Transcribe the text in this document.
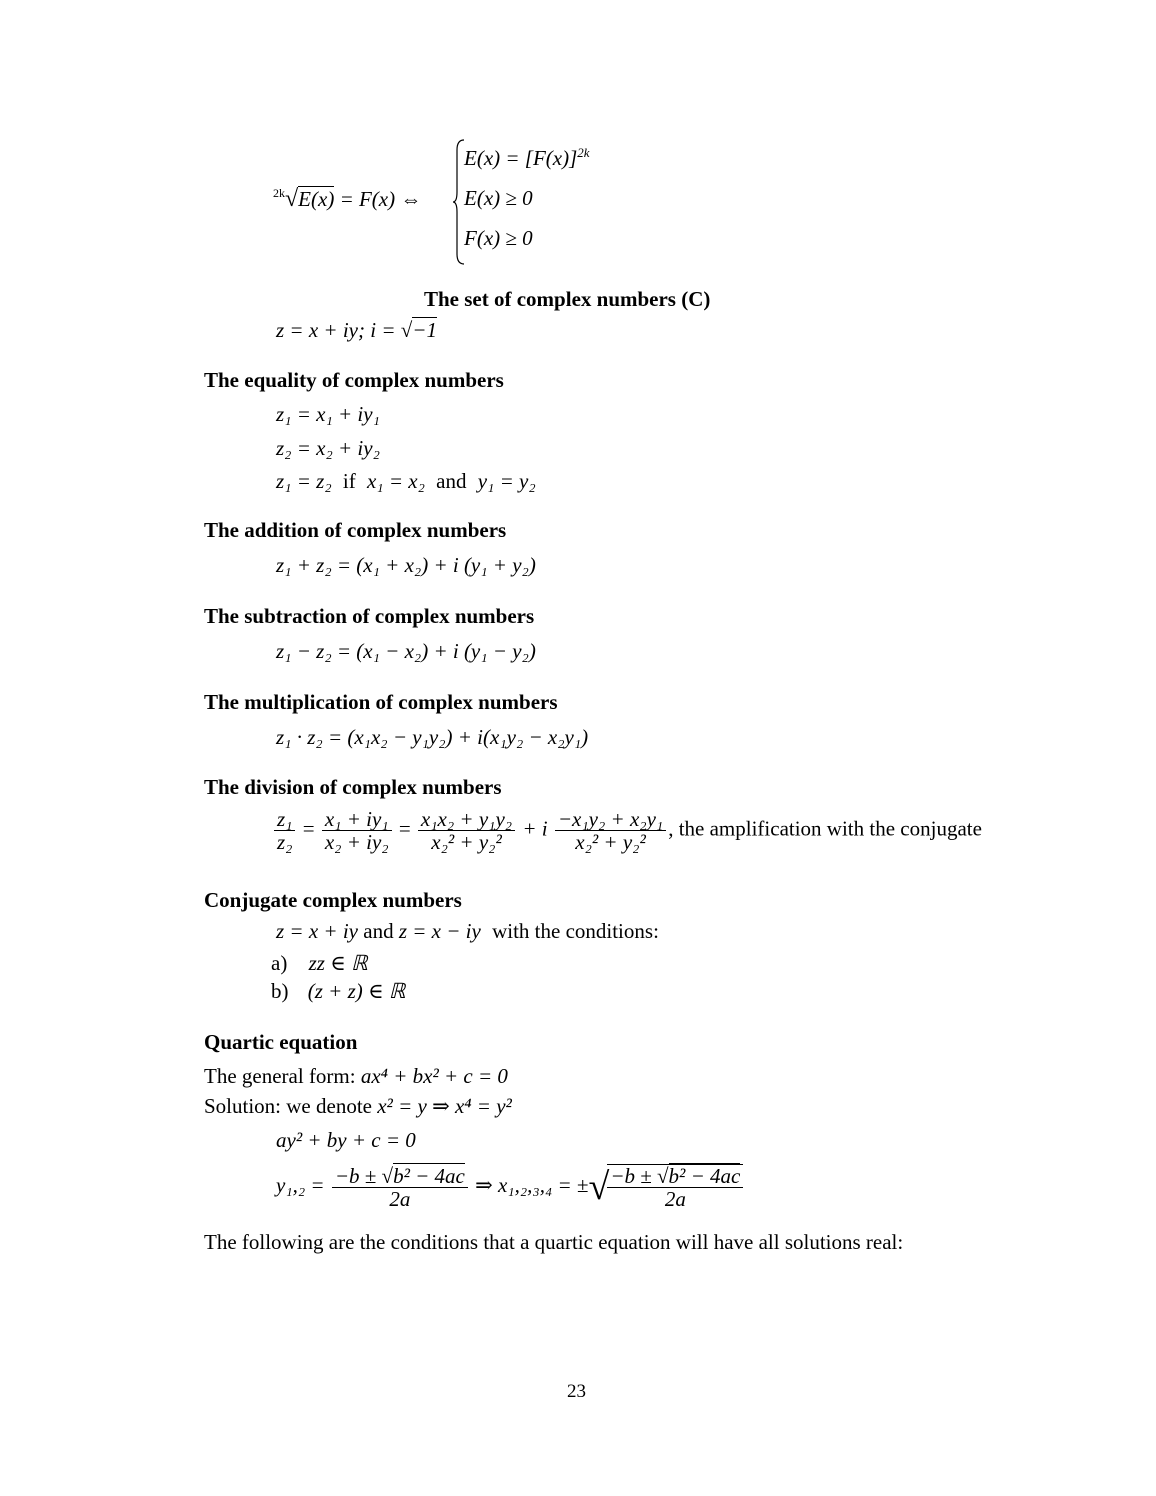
$^{2k}$√E(x) = F(x) ⇔
$E(x) = [F(x)]^{2k}$
E(x) ≥ 0
F(x) ≥ 0
The set of complex numbers (C)
z = x + iy; i = √−1
The equality of complex numbers
z₁ = x₁ + iy₁
z₂ = x₂ + iy₂
z₁ = z₂ if x₁ = x₂ and y₁ = y₂
The addition of complex numbers
z₁ + z₂ = (x₁ + x₂) + i (y₁ + y₂)
The subtraction of complex numbers
z₁ − z₂ = (x₁ − x₂) + i (y₁ − y₂)
The multiplication of complex numbers
z₁ · z₂ = (x₁x₂ − y₁y₂) + i(x₁y₂ − x₂y₁)
The division of complex numbers
$\frac{\text{z₁}}{\text{z₂}} = \frac{\text{x₁ + iy₁}}{\text{x₂ + iy₂}} = \frac{\text{x₁x₂ + y₁y₂}}{\text{x₂² + y₂²}} + i \frac{\text{−x₁y₂ + x₂y₁}}{\text{x₂² + y₂²}}$ , the amplification with the conjugate
Conjugate complex numbers
z = x + iy and z = x − iy with the conditions:
a) zz ∈ ℝ
b) (z + z) ∈ ℝ
Quartic equation
The general form: ax⁴ + bx² + c = 0
Solution: we denote x² = y ⇒ x⁴ = y²
ay² + by + c = 0
$y_1,_2 = \frac{\text{−b ± √b² − 4ac}}{2a}$ ⇒ x₁,₂,₃,₄ = ±√
$\frac{\text{−b ± √b² − 4ac}}{2a}$
The following are the conditions that a quartic equation will have all solutions real:
23
